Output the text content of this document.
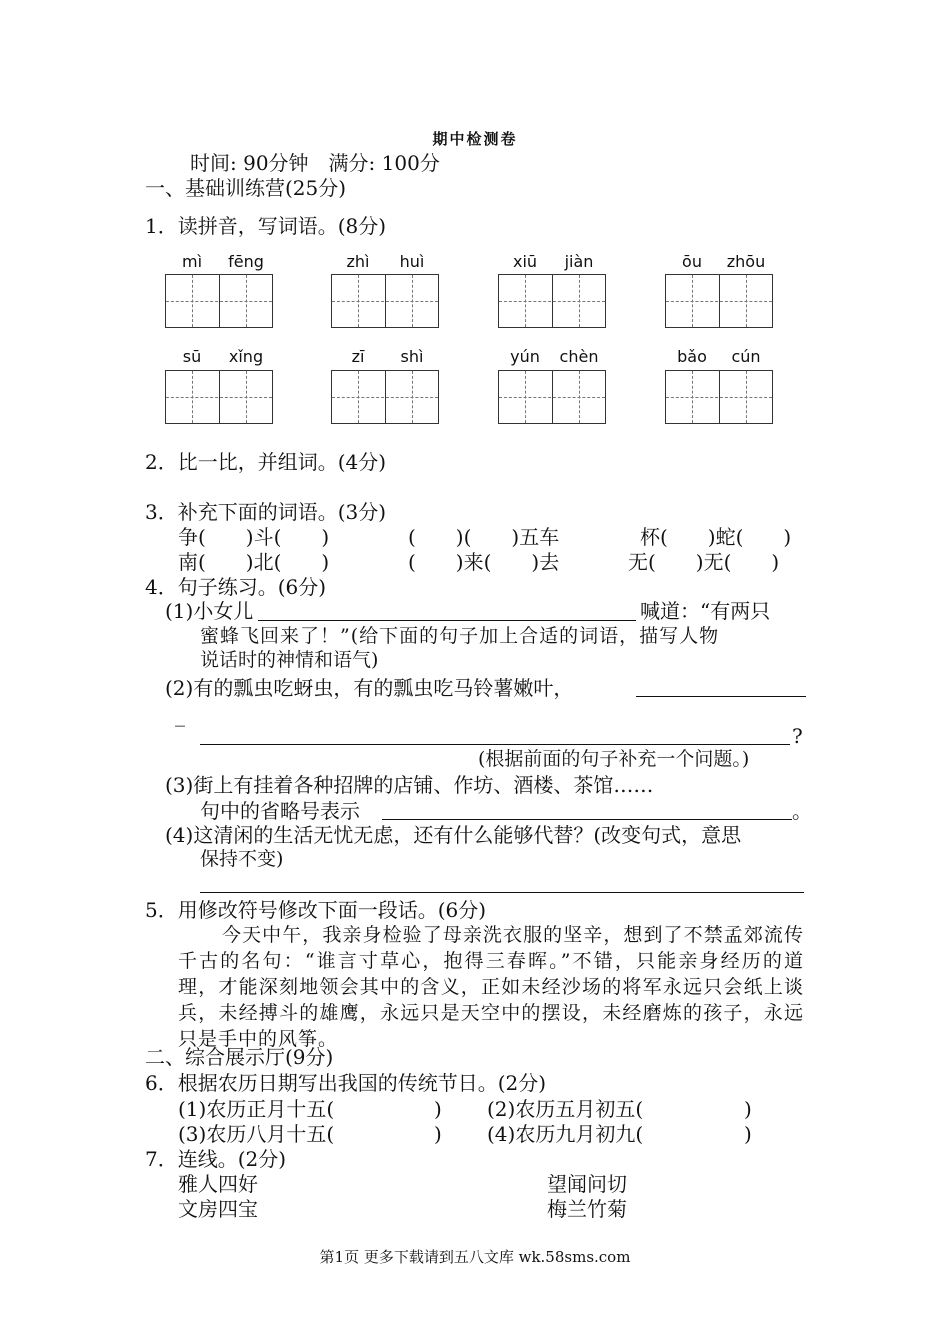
期中检测卷
时间: 90分钟　满分: 100分
一、基础训练营(25分)
1．读拼音，写词语。(8分)
mì	fēng	zhì	huì	xiū	jiàn	ōu	zhōu
sū	xǐng	zī	shì	yún	chèn	bǎo	cún
2．比一比，并组词。(4分)
3．补充下面的词语。(3分)
争(　　)斗(　　)	(　　)(　　)五车	杯(　　)蛇(　　)
南(　　)北(　　)	(　　)来(　　)去	无(　　)无(　　)
4．句子练习。(6分)
(1)小女儿	喊道：“有两只
蜜蜂飞回来了！”(给下面的句子加上合适的词语，描写人物
说话时的神情和语气)
(2)有的瓢虫吃蚜虫，有的瓢虫吃马铃薯嫩叶，
_
?
(根据前面的句子补充一个问题。)
(3)街上有挂着各种招牌的店铺、作坊、酒楼、茶馆……
句中的省略号表示	。
(4)这清闲的生活无忧无虑，还有什么能够代替？(改变句式，意思
保持不变)
5．用修改符号修改下面一段话。(6分)
今天中午，我亲身检验了母亲洗衣服的坚辛，想到了不禁孟郊流传千古的名句：“谁言寸草心，抱得三春晖。”不错，只能亲身经历的道理，才能深刻地领会其中的含义，正如未经沙场的将军永远只会纸上谈兵，未经搏斗的雄鹰，永远只是天空中的摆设，未经磨炼的孩子，永远只是手中的风筝。
二、综合展示厅(9分)
6．根据农历日期写出我国的传统节日。(2分)
(1)农历正月十五(	) (2)农历五月初五(	)
(3)农历八月十五(	) (4)农历九月初九(	)
7．连线。(2分)
雅人四好	望闻问切
文房四宝	梅兰竹菊
第1页 更多下载请到五八文库 wk.58sms.com
